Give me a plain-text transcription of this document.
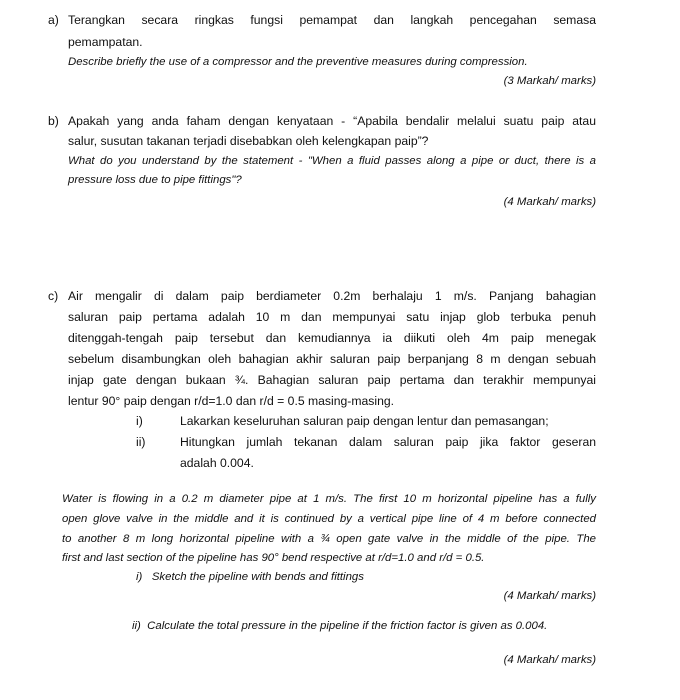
a) Terangkan secara ringkas fungsi pemampat dan langkah pencegahan semasa
pemampatan.
Describe briefly the use of a compressor and the preventive measures during compression.
(3 Markah/ marks)
b) Apakah yang anda faham dengan kenyataan - “Apabila bendalir melalui suatu paip atau
salur, susutan takanan terjadi disebabkan oleh kelengkapan paip”?
What do you understand by the statement - "When a fluid passes along a pipe or duct, there is a
pressure loss due to pipe fittings"?
(4 Markah/ marks)
c) Air mengalir di dalam paip berdiameter 0.2m berhalaju 1 m/s. Panjang bahagian
saluran paip pertama adalah 10 m dan mempunyai satu injap glob terbuka penuh
ditenggah-tengah paip tersebut dan kemudiannya ia diikuti oleh 4m paip menegak
sebelum disambungkan oleh bahagian akhir saluran paip berpanjang 8 m dengan sebuah
injap gate dengan bukaan ¾. Bahagian saluran paip pertama dan terakhir mempunyai
lentur 90° paip dengan r/d=1.0 dan r/d = 0.5 masing-masing.
i)	Lakarkan keseluruhan saluran paip dengan lentur dan pemasangan;
ii)	Hitungkan jumlah tekanan dalam saluran paip jika faktor geseran
adalah 0.004.
Water is flowing in a 0.2 m diameter pipe at 1 m/s. The first 10 m horizontal pipeline has a fully
open glove valve in the middle and it is continued by a vertical pipe line of 4 m before connected
to another 8 m long horizontal pipeline with a ¾ open gate valve in the middle of the pipe. The
first and last section of the pipeline has 90° bend respective at r/d=1.0 and r/d = 0.5.
i)   Sketch the pipeline with bends and fittings
(4 Markah/ marks)
ii)  Calculate the total pressure in the pipeline if the friction factor is given as 0.004.
(4 Markah/ marks)
